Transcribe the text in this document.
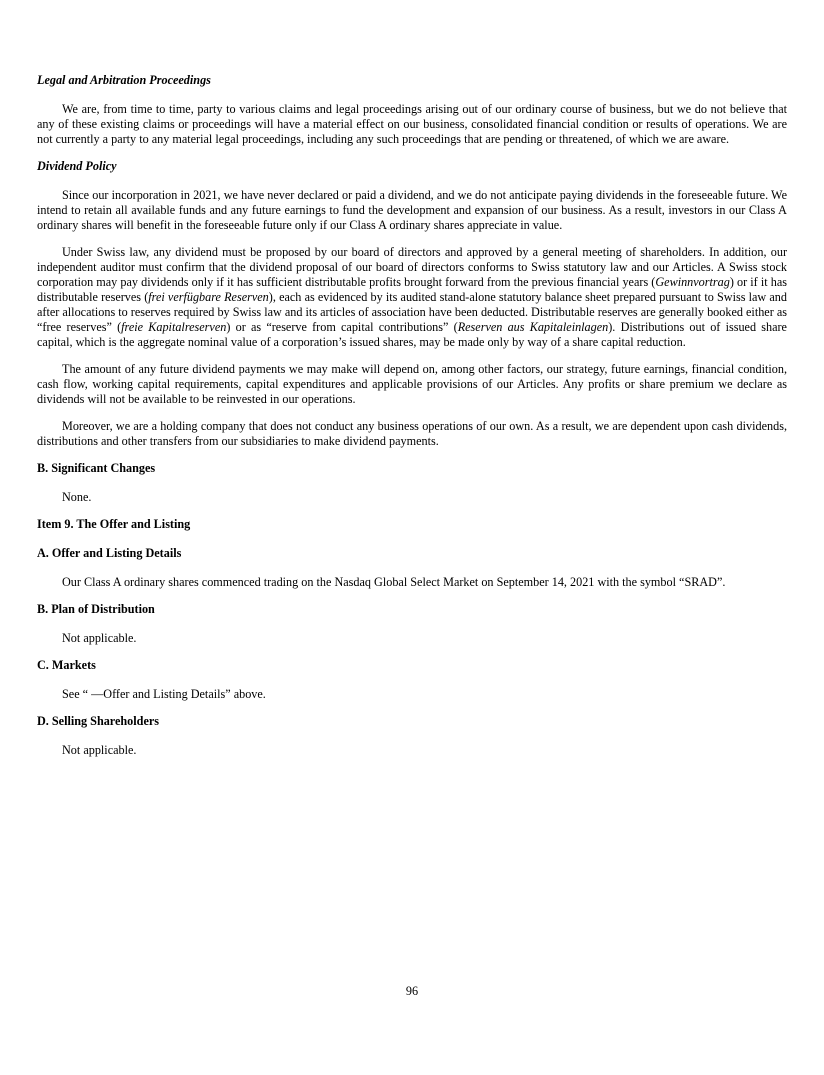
Legal and Arbitration Proceedings

We are, from time to time, party to various claims and legal proceedings arising out of our ordinary course of business, but we do not believe that any of these existing claims or proceedings will have a material effect on our business, consolidated financial condition or results of operations. We are not currently a party to any material legal proceedings, including any such proceedings that are pending or threatened, of which we are aware.

Dividend Policy

Since our incorporation in 2021, we have never declared or paid a dividend, and we do not anticipate paying dividends in the foreseeable future. We intend to retain all available funds and any future earnings to fund the development and expansion of our business. As a result, investors in our Class A ordinary shares will benefit in the foreseeable future only if our Class A ordinary shares appreciate in value.

Under Swiss law, any dividend must be proposed by our board of directors and approved by a general meeting of shareholders. In addition, our independent auditor must confirm that the dividend proposal of our board of directors conforms to Swiss statutory law and our Articles. A Swiss stock corporation may pay dividends only if it has sufficient distributable profits brought forward from the previous financial years (Gewinnvortrag) or if it has distributable reserves (frei verfügbare Reserven), each as evidenced by its audited stand-alone statutory balance sheet prepared pursuant to Swiss law and after allocations to reserves required by Swiss law and its articles of association have been deducted. Distributable reserves are generally booked either as “free reserves” (freie Kapitalreserven) or as “reserve from capital contributions” (Reserven aus Kapitaleinlagen). Distributions out of issued share capital, which is the aggregate nominal value of a corporation’s issued shares, may be made only by way of a share capital reduction.

The amount of any future dividend payments we may make will depend on, among other factors, our strategy, future earnings, financial condition, cash flow, working capital requirements, capital expenditures and applicable provisions of our Articles. Any profits or share premium we declare as dividends will not be available to be reinvested in our operations.

Moreover, we are a holding company that does not conduct any business operations of our own. As a result, we are dependent upon cash dividends, distributions and other transfers from our subsidiaries to make dividend payments.

B. Significant Changes

None.

Item 9. The Offer and Listing

A. Offer and Listing Details

Our Class A ordinary shares commenced trading on the Nasdaq Global Select Market on September 14, 2021 with the symbol “SRAD”.

B. Plan of Distribution

Not applicable.

C. Markets

See “ —Offer and Listing Details” above.

D. Selling Shareholders

Not applicable.

96
